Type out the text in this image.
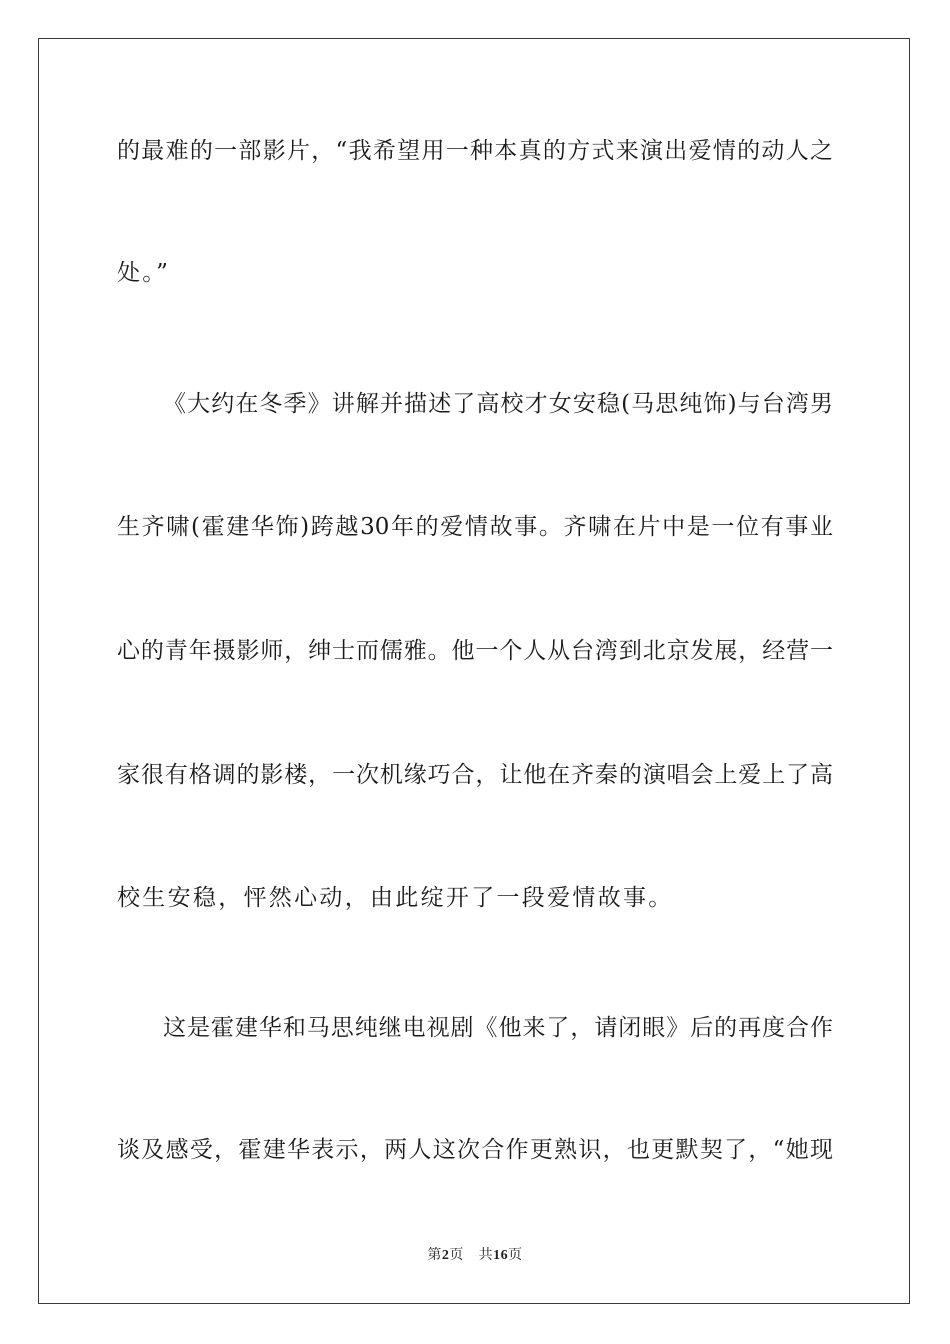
的最难的一部影片，“我希望用一种本真的方式来演出爱情的动人之
处。”
《大约在冬季》讲解并描述了高校才女安稳(马思纯饰)与台湾男
生齐啸(霍建华饰)跨越30年的爱情故事。齐啸在片中是一位有事业
心的青年摄影师，绅士而儒雅。他一个人从台湾到北京发展，经营一
家很有格调的影楼，一次机缘巧合，让他在齐秦的演唱会上爱上了高
校生安稳，怦然心动，由此绽开了一段爱情故事。
这是霍建华和马思纯继电视剧《他来了，请闭眼》后的再度合作
谈及感受，霍建华表示，两人这次合作更熟识，也更默契了，“她现
第2页 共16页
